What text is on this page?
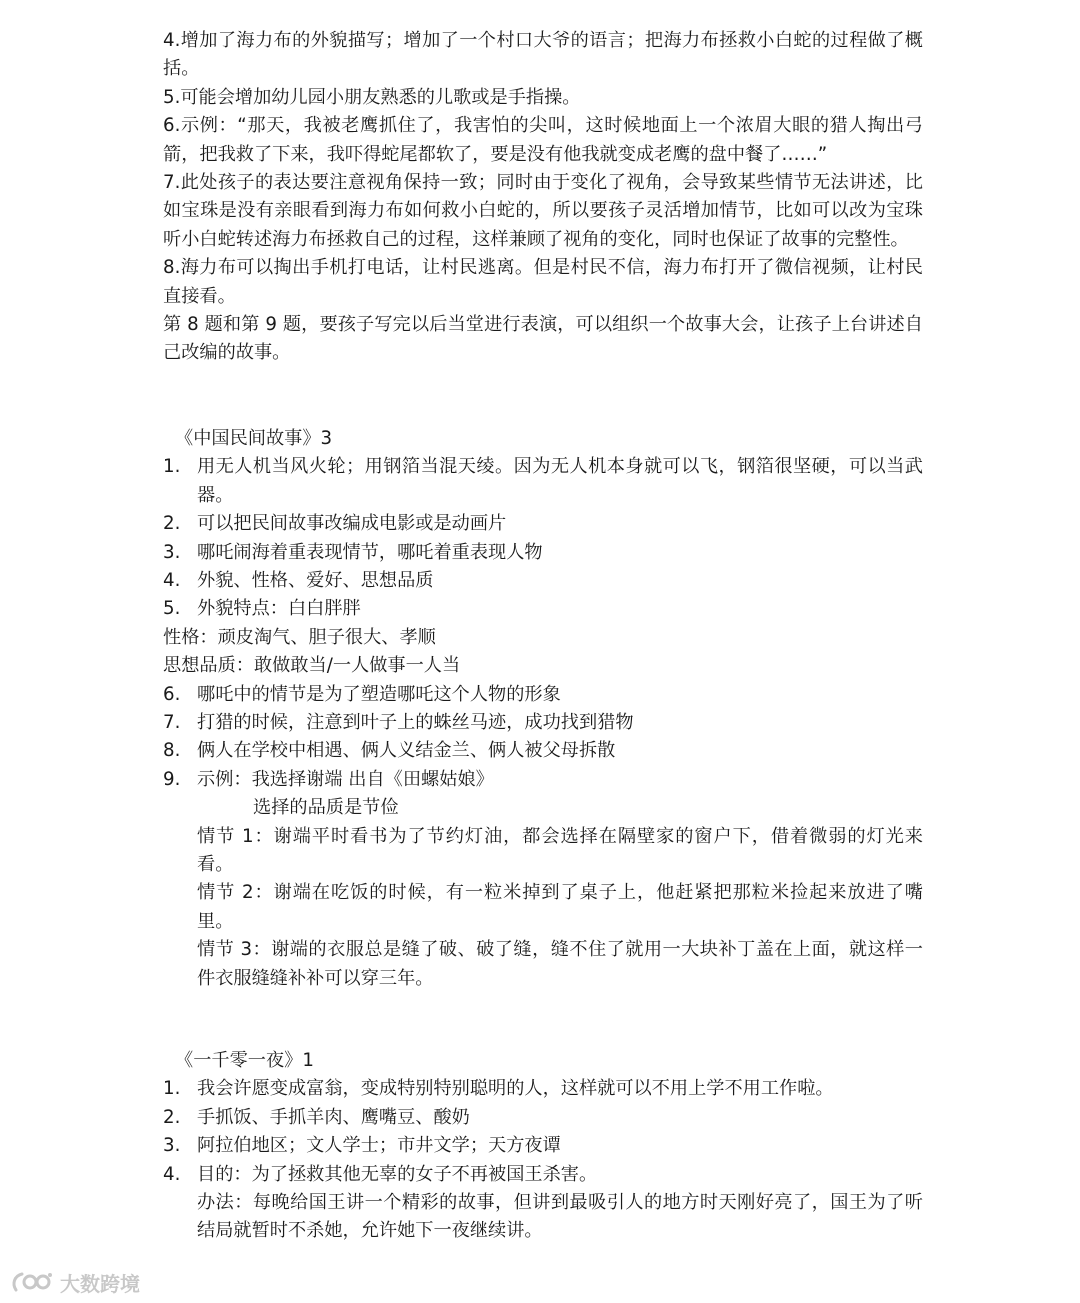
4.增加了海力布的外貌描写；增加了一个村口大爷的语言；把海力布拯救小白蛇的过程做了概括。

5.可能会增加幼儿园小朋友熟悉的儿歌或是手指操。

6.示例：“那天，我被老鹰抓住了，我害怕的尖叫，这时候地面上一个浓眉大眼的猎人掏出弓箭，把我救了下来，我吓得蛇尾都软了，要是没有他我就变成老鹰的盘中餐了……”

7.此处孩子的表达要注意视角保持一致；同时由于变化了视角，会导致某些情节无法讲述，比如宝珠是没有亲眼看到海力布如何救小白蛇的，所以要孩子灵活增加情节，比如可以改为宝珠听小白蛇转述海力布拯救自己的过程，这样兼顾了视角的变化，同时也保证了故事的完整性。

8.海力布可以掏出手机打电话，让村民逃离。但是村民不信，海力布打开了微信视频，让村民直接看。

第 8 题和第 9 题，要孩子写完以后当堂进行表演，可以组织一个故事大会，让孩子上台讲述自己改编的故事。

《中国民间故事》3

1. 用无人机当风火轮；用钢箔当混天绫。因为无人机本身就可以飞，钢箔很坚硬，可以当武器。
2. 可以把民间故事改编成电影或是动画片
3. 哪吒闹海着重表现情节，哪吒着重表现人物
4. 外貌、性格、爱好、思想品质
5. 外貌特点：白白胖胖

性格：顽皮淘气、胆子很大、孝顺

思想品质：敢做敢当/一人做事一人当

6. 哪吒中的情节是为了塑造哪吒这个人物的形象
7. 打猎的时候，注意到叶子上的蛛丝马迹，成功找到猎物
8. 俩人在学校中相遇、俩人义结金兰、俩人被父母拆散
9. 示例：我选择谢端 出自《田螺姑娘》
选择的品质是节俭
情节 1：谢端平时看书为了节约灯油，都会选择在隔壁家的窗户下，借着微弱的灯光来看。
情节 2：谢端在吃饭的时候，有一粒米掉到了桌子上，他赶紧把那粒米捡起来放进了嘴里。
情节 3：谢端的衣服总是缝了破、破了缝，缝不住了就用一大块补丁盖在上面，就这样一件衣服缝缝补补可以穿三年。

《一千零一夜》1

1. 我会许愿变成富翁，变成特别特别聪明的人，这样就可以不用上学不用工作啦。
2. 手抓饭、手抓羊肉、鹰嘴豆、酸奶
3. 阿拉伯地区；文人学士；市井文学；天方夜谭
4. 目的：为了拯救其他无辜的女子不再被国王杀害。
办法：每晚给国王讲一个精彩的故事，但讲到最吸引人的地方时天刚好亮了，国王为了听结局就暂时不杀她，允许她下一夜继续讲。
大数跨境
